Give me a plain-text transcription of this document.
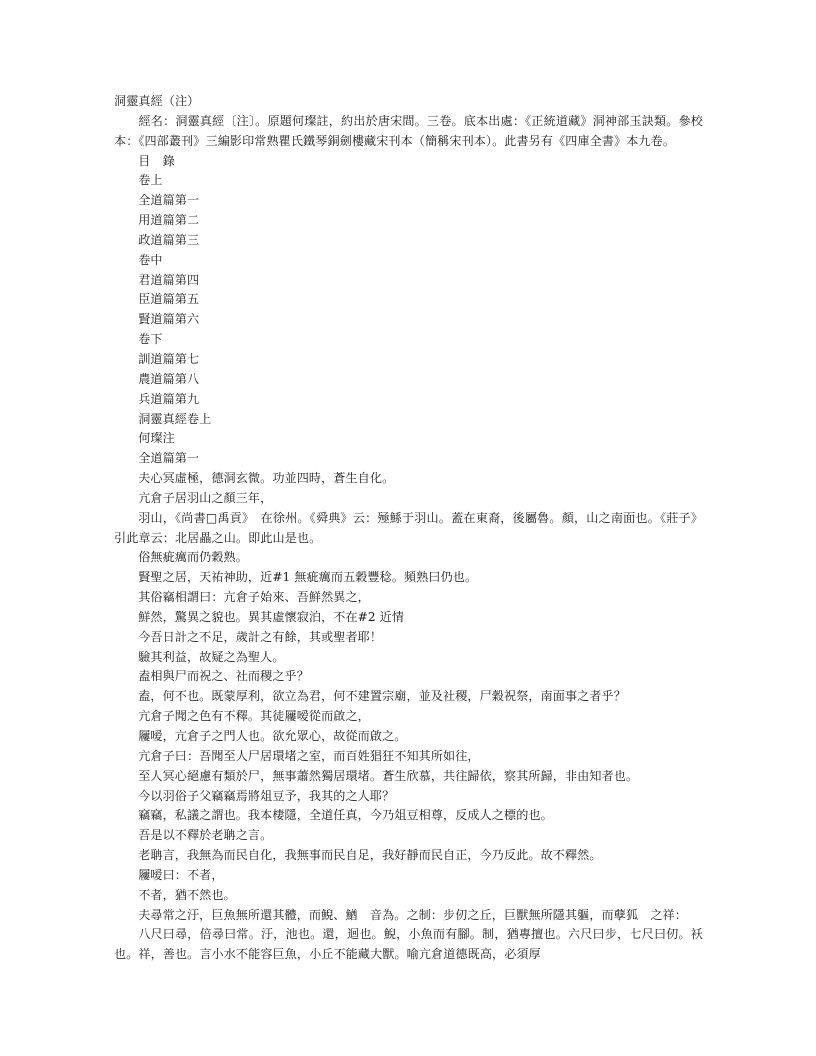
洞靈真經（注）

　　經名：洞靈真經〔注〕。原題何璨註，約出於唐宋間。三卷。底本出處：《正統道藏》洞神部玉訣類。參校本：《四部叢刊》三編影印常熟瞿氏鐵琴銅劍樓藏宋刊本（簡稱宋刊本）。此書另有《四庫全書》本九卷。

目　錄

卷上

全道篇第一

用道篇第二

政道篇第三

卷中

君道篇第四

臣道篇第五

賢道篇第六

卷下

訓道篇第七

農道篇第八

兵道篇第九

洞靈真經卷上

何璨注

全道篇第一

夫心冥虛極，德洞玄微。功並四時，蒼生自化。

亢倉子居羽山之顏三年，

羽山，《尚書□禹貢》　在徐州。《舜典》云：殛鯀于羽山。蓋在東裔，後屬魯。顏，山之南面也。《莊子》引此章云：北居畾之山。即此山是也。

俗無疵癘而仍穀熟。

賢聖之居，天祐神助，近#1 無疵癘而五穀豐稔。頻熟曰仍也。

其俗竊相謂曰：亢倉子始來、吾鮮然異之，

鮮然，驚異之貌也。異其虛懷寂泊，不在#2 近情

今吾日計之不足，歲計之有餘，其或聖者耶！

驗其利益，故疑之為聖人。

盍相與尸而祝之、社而稷之乎？

盍，何不也。既蒙厚利，欲立為君，何不建置宗廟，並及社稷，尸穀祝祭，南面事之者乎？

亢倉子聞之色有不釋。其徒屨嗳從而啟之，

屨嗳，亢倉子之門人也。欲允眾心，故從而啟之。

亢倉子曰：吾聞至人尸居環堵之室，而百姓猖狂不知其所如往，

至人冥心絕慮有類於尸，無事蕭然獨居環堵。蒼生欣慕，共往歸依，察其所歸，非由知者也。

今以羽俗子父竊竊焉將俎豆予，我其的之人耶？

竊竊，私議之謂也。我本棲隱，全道任真，今乃俎豆相尊，反成人之標的也。

吾是以不釋於老聃之言。

老聃言，我無為而民自化，我無事而民自足，我好靜而民自正，今乃反此。故不釋然。

屨嗳曰：不者，

不者，猶不然也。

夫尋常之汙，巨魚無所還其體，而鯢、鰌　音為。之制：步仞之丘，巨獸無所隱其軀，而孽狐　之祥：

八尺曰尋，倍尋曰常。汙，池也。還，迴也。鯢，小魚而有腳。制，猶專擅也。六尺曰步，七尺曰仞。袄也。祥，善也。言小水不能容巨魚，小丘不能藏大獸。喻亢倉道德既高，必須厚
